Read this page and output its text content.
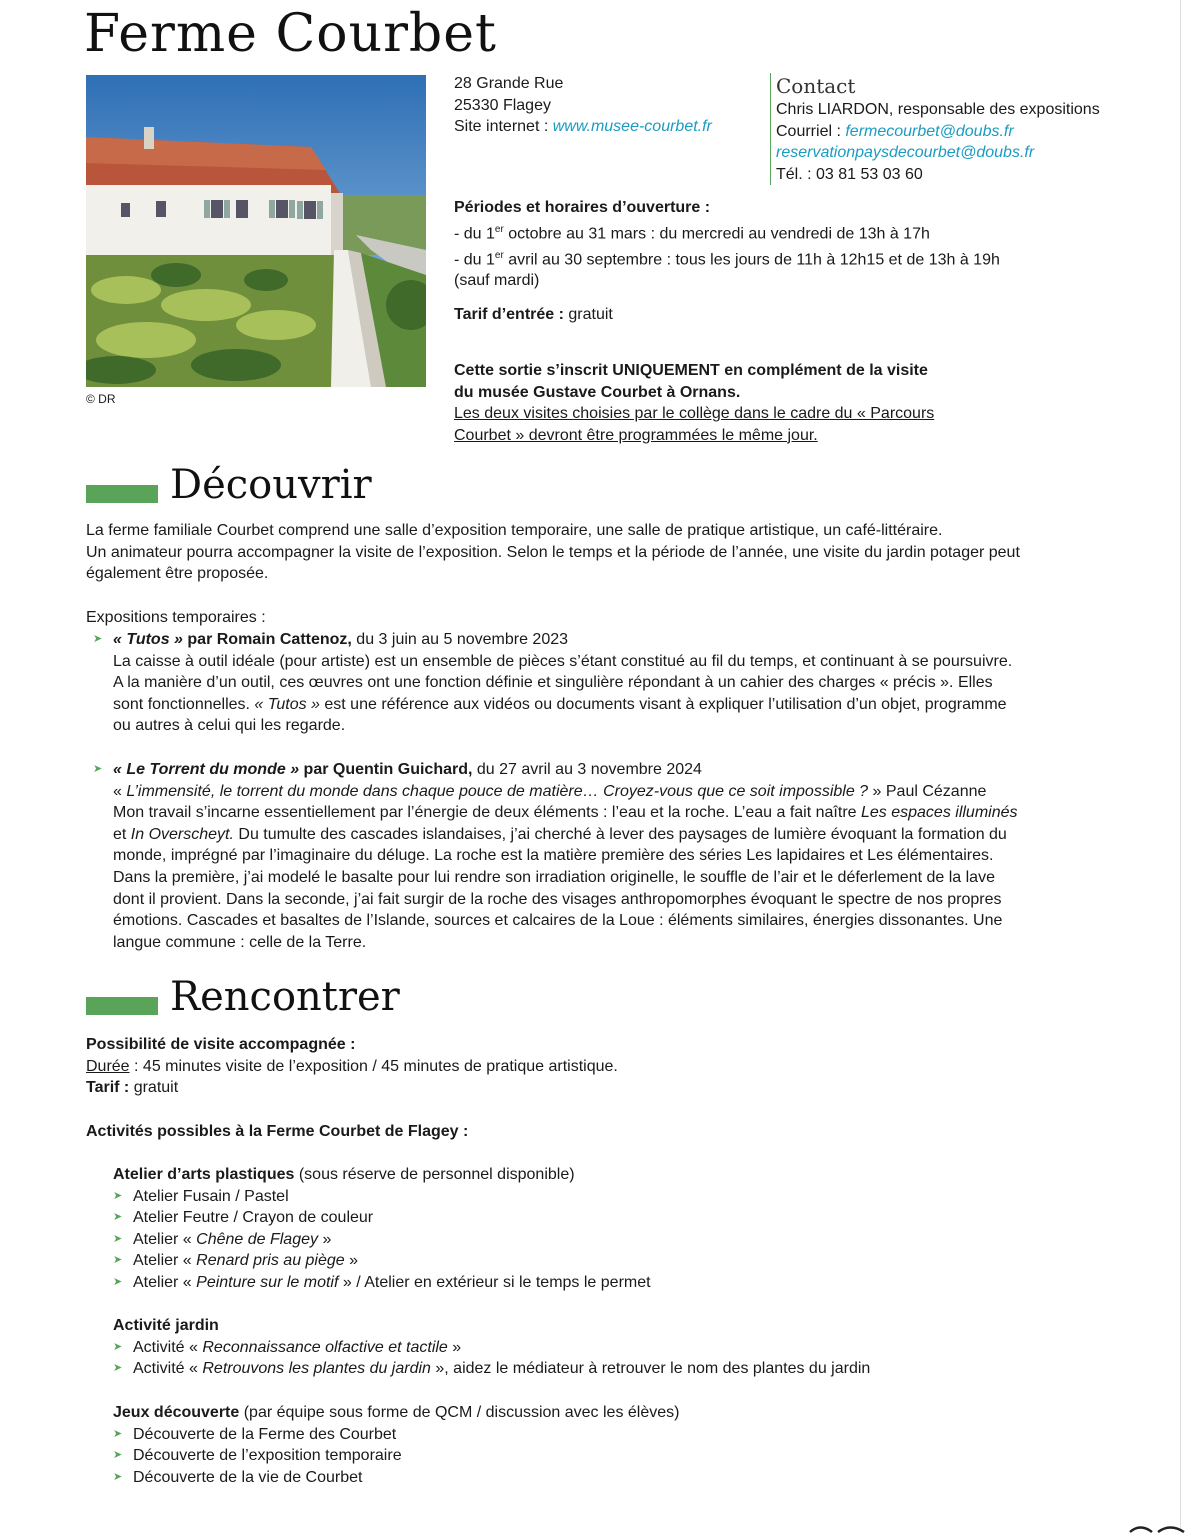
Ferme Courbet
© DR
28 Grande Rue
25330 Flagey
Site internet : www.musee-courbet.fr
Contact
Chris LIARDON, responsable des expositions
Courriel : fermecourbet@doubs.fr
reservationpaysdecourbet@doubs.fr
Tél. : 03 81 53 03 60
Périodes et horaires d’ouverture :
- du 1er octobre au 31 mars : du mercredi au vendredi de 13h à 17h
- du 1er avril au 30 septembre : tous les jours de 11h à 12h15 et de 13h à 19h
(sauf mardi)
Tarif d’entrée : gratuit
Cette sortie s’inscrit UNIQUEMENT en complément de la visite
du musée Gustave Courbet à Ornans.
Les deux visites choisies par le collège dans le cadre du « Parcours
Courbet » devront être programmées le même jour.
Découvrir
La ferme familiale Courbet comprend une salle d’exposition temporaire, une salle de pratique artistique, un café-littéraire.
Un animateur pourra accompagner la visite de l’exposition. Selon le temps et la période de l’année, une visite du jardin potager peut
également être proposée.
Expositions temporaires :
➤ « Tutos » par Romain Cattenoz, du 3 juin au 5 novembre 2023
La caisse à outil idéale (pour artiste) est un ensemble de pièces s’étant constitué au fil du temps, et continuant à se poursuivre.
A la manière d’un outil, ces œuvres ont une fonction définie et singulière répondant à un cahier des charges « précis ». Elles
sont fonctionnelles. « Tutos » est une référence aux vidéos ou documents visant à expliquer l’utilisation d’un objet, programme
ou autres à celui qui les regarde.
➤ « Le Torrent du monde » par Quentin Guichard, du 27 avril au 3 novembre 2024
« L’immensité, le torrent du monde dans chaque pouce de matière… Croyez-vous que ce soit impossible ? » Paul Cézanne
Mon travail s’incarne essentiellement par l’énergie de deux éléments : l’eau et la roche. L’eau a fait naître Les espaces illuminés
et In Overscheyt. Du tumulte des cascades islandaises, j’ai cherché à lever des paysages de lumière évoquant la formation du
monde, imprégné par l’imaginaire du déluge. La roche est la matière première des séries Les lapidaires et Les élémentaires.
Dans la première, j’ai modelé le basalte pour lui rendre son irradiation originelle, le souffle de l’air et le déferlement de la lave
dont il provient. Dans la seconde, j’ai fait surgir de la roche des visages anthropomorphes évoquant le spectre de nos propres
émotions. Cascades et basaltes de l’Islande, sources et calcaires de la Loue : éléments similaires, énergies dissonantes. Une
langue commune : celle de la Terre.
Rencontrer
Possibilité de visite accompagnée :
Durée : 45 minutes visite de l’exposition / 45 minutes de pratique artistique.
Tarif : gratuit
Activités possibles à la Ferme Courbet de Flagey :
Atelier d’arts plastiques (sous réserve de personnel disponible)
➤ Atelier Fusain / Pastel
➤ Atelier Feutre / Crayon de couleur
➤ Atelier « Chêne de Flagey »
➤ Atelier « Renard pris au piège »
➤ Atelier « Peinture sur le motif » / Atelier en extérieur si le temps le permet
Activité jardin
➤ Activité « Reconnaissance olfactive et tactile »
➤ Activité « Retrouvons les plantes du jardin », aidez le médiateur à retrouver le nom des plantes du jardin
Jeux découverte (par équipe sous forme de QCM / discussion avec les élèves)
➤ Découverte de la Ferme des Courbet
➤ Découverte de l’exposition temporaire
➤ Découverte de la vie de Courbet
